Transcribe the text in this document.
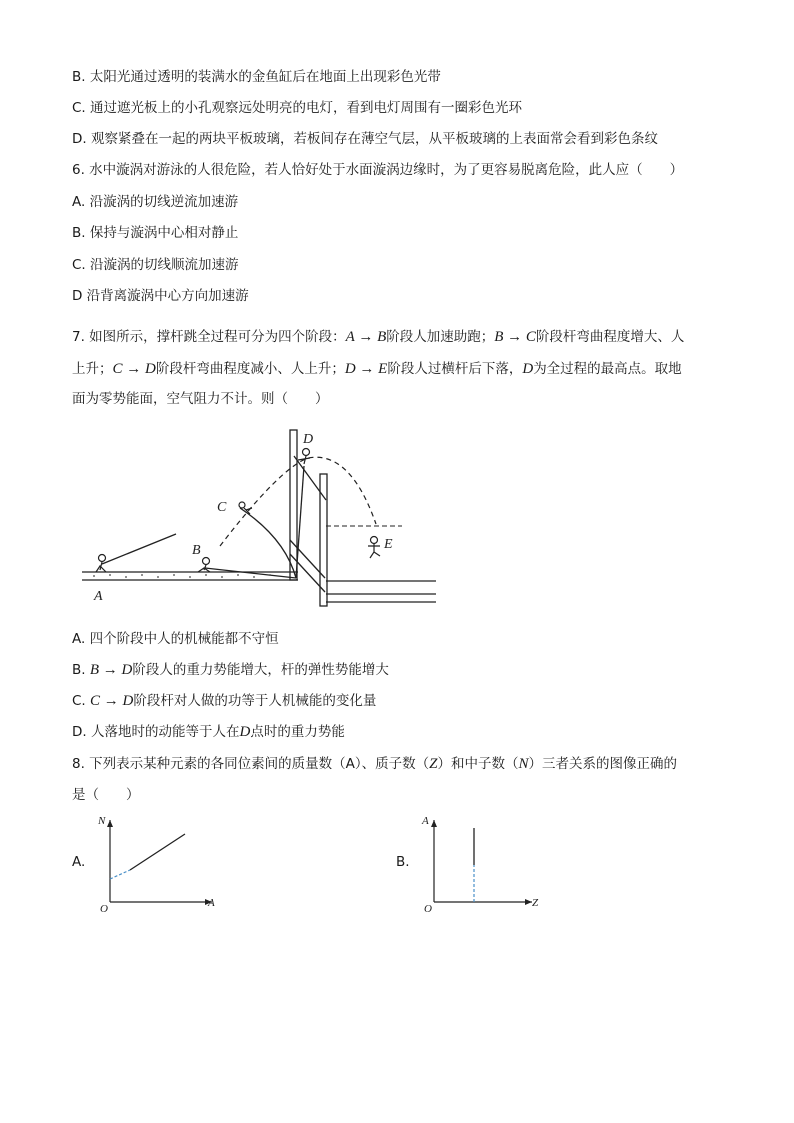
B. 太阳光通过透明的装满水的金鱼缸后在地面上出现彩色光带
C. 通过遮光板上的小孔观察远处明亮的电灯，看到电灯周围有一圈彩色光环
D. 观察紧叠在一起的两块平板玻璃，若板间存在薄空气层，从平板玻璃的上表面常会看到彩色条纹
6. 水中漩涡对游泳的人很危险，若人恰好处于水面漩涡边缘时，为了更容易脱离危险，此人应（　　）
A. 沿漩涡的切线逆流加速游
B. 保持与漩涡中心相对静止
C. 沿漩涡的切线顺流加速游
D 沿背离漩涡中心方向加速游
7. 如图所示，撑杆跳全过程可分为四个阶段：A → B阶段人加速助跑；B → C阶段杆弯曲程度增大、人
上升；C → D阶段杆弯曲程度减小、人上升；D → E阶段人过横杆后下落，D为全过程的最高点。取地
面为零势能面，空气阻力不计。则（　　）
A
B
C
D
E
A. 四个阶段中人的机械能都不守恒
B. B → D阶段人的重力势能增大，杆的弹性势能增大
C. C → D阶段杆对人做的功等于人机械能的变化量
D. 人落地时的动能等于人在D点时的重力势能
8. 下列表示某种元素的各同位素间的质量数（A）、质子数（Z）和中子数（N）三者关系的图像正确的
是（　　）
A.
N
A
O
B.
A
Z
O
